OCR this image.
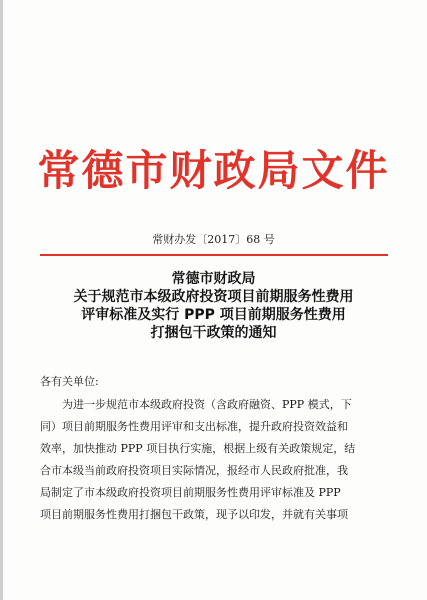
常德市财政局文件
常财办发〔2017〕68 号
常德市财政局
关于规范市本级政府投资项目前期服务性费用
评审标准及实行 PPP 项目前期服务性费用
打捆包干政策的通知
各有关单位:
为进一步规范市本级政府投资（含政府融资、PPP 模式，下
同）项目前期服务性费用评审和支出标准，提升政府投资效益和
效率，加快推动 PPP 项目执行实施，根据上级有关政策规定，结
合市本级当前政府投资项目实际情况，报经市人民政府批准，我
局制定了市本级政府投资项目前期服务性费用评审标准及 PPP
项目前期服务性费用打捆包干政策，现予以印发，并就有关事项
